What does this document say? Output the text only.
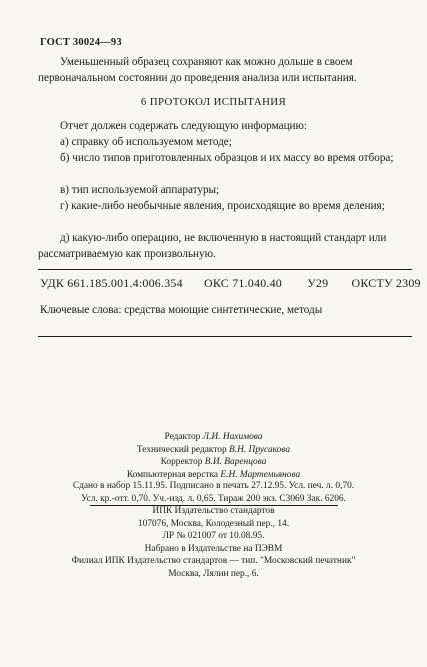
ГОСТ 30024—93
Уменьшенный образец сохраняют как можно дольше в своем первоначальном состоянии до проведения анализа или испытания.
6 ПРОТОКОЛ ИСПЫТАНИЯ
Отчет должен содержать следующую информацию:
а) справку об используемом методе;
б) число типов приготовленных образцов и их массу во время отбора;
в) тип используемой аппаратуры;
г) какие-либо необычные явления, происходящие во время деления;
д) какую-либо операцию, не включенную в настоящий стандарт или рассматриваемую как произвольную.
УДК 661.185.001.4:006.354 ОКС 71.040.40 У29 ОКСТУ 2309
Ключевые слова: средства моющие синтетические, методы
Редактор Л.И. Нахимова
Технический редактор В.Н. Прусакова
Корректор В.И. Варенцова
Компьютерная верстка Е.Н. Мартемьянова
Сдано в набор 15.11.95. Подписано в печать 27.12.95. Усл. печ. л. 0,70.
Усл. кр.-отт. 0,70. Уч.-изд. л. 0,65. Тираж 200 экз. С3069 Зак. 6206.
ИПК Издательство стандартов
107076, Москва, Колодезный пер., 14.
ЛР № 021007 от 10.08.95.
Набрано в Издательстве на ПЭВМ
Филиал ИПК Издательство стандартов — тип. "Московский печатник"
Москва, Лялин пер., 6.
